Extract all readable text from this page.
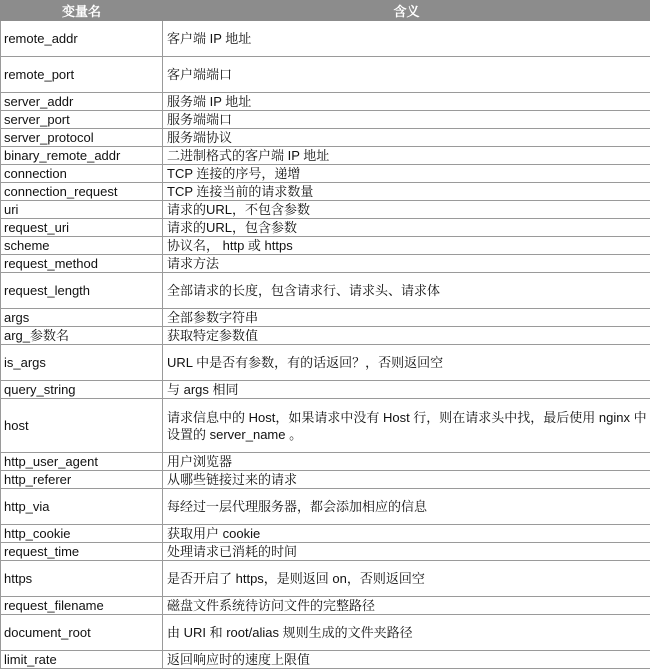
变量名	含义
remote_addr	客户端 IP 地址
remote_port	客户端端口
server_addr	服务端 IP 地址
server_port	服务端端口
server_protocol	服务端协议
binary_remote_addr	二进制格式的客户端 IP 地址
connection	TCP 连接的序号，递增
connection_request	TCP 连接当前的请求数量
uri	请求的URL，不包含参数
request_uri	请求的URL，包含参数
scheme	协议名， http 或 https
request_method	请求方法
request_length	全部请求的长度，包含请求行、请求头、请求体
args	全部参数字符串
arg_参数名	获取特定参数值
is_args	URL 中是否有参数，有的话返回？，否则返回空
query_string	与 args 相同
host	请求信息中的 Host，如果请求中没有 Host 行，则在请求头中找，最后使用 nginx 中设置的 server_name 。
http_user_agent	用户浏览器
http_referer	从哪些链接过来的请求
http_via	每经过一层代理服务器，都会添加相应的信息
http_cookie	获取用户 cookie
request_time	处理请求已消耗的时间
https	是否开启了 https，是则返回 on，否则返回空
request_filename	磁盘文件系统待访问文件的完整路径
document_root	由 URI 和 root/alias 规则生成的文件夹路径
limit_rate	返回响应时的速度上限值
